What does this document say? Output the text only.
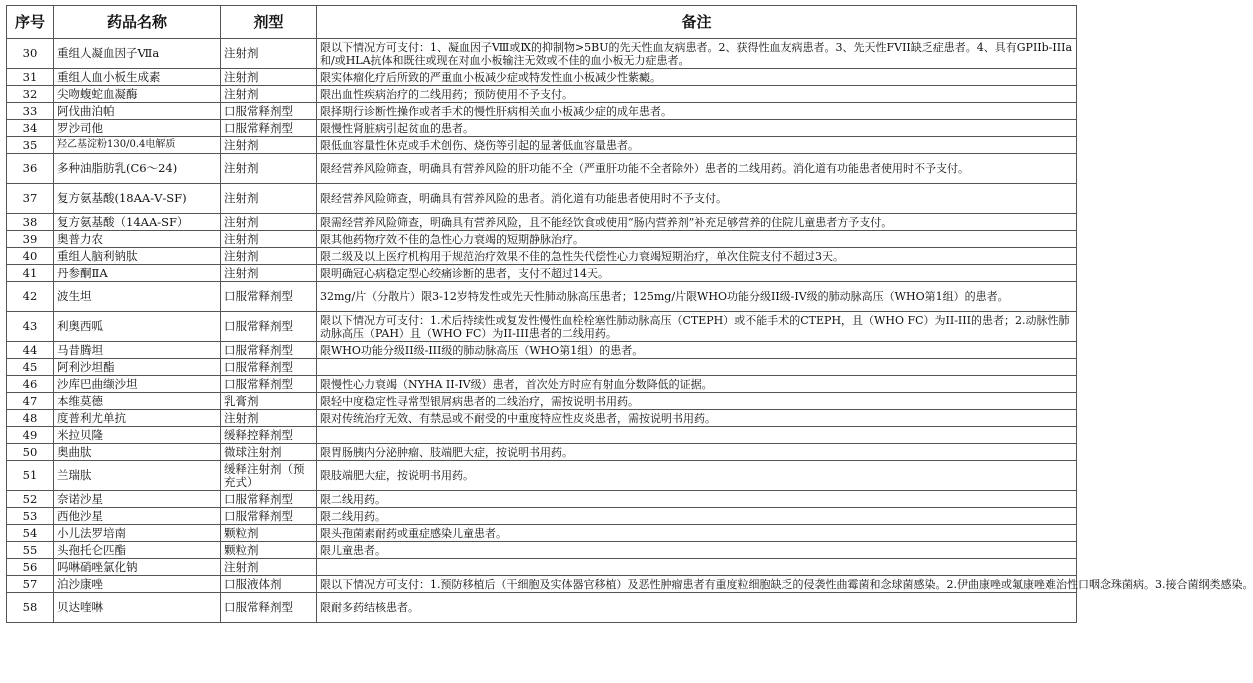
序号	药品名称	剂型	备注
30	重组人凝血因子Ⅶa	注射剂	限以下情况方可支付：1、凝血因子Ⅷ或Ⅸ的抑制物>5BU的先天性血友病患者。2、获得性血友病患者。3、先天性FVII缺乏症患者。4、具有GPIIb-IIIa和/或HLA抗体和既往或现在对血小板输注无效或不佳的血小板无力症患者。
31	重组人血小板生成素	注射剂	限实体瘤化疗后所致的严重血小板减少症或特发性血小板减少性紫癜。
32	尖吻蝮蛇血凝酶	注射剂	限出血性疾病治疗的二线用药；预防使用不予支付。
33	阿伐曲泊帕	口服常释剂型	限择期行诊断性操作或者手术的慢性肝病相关血小板减少症的成年患者。
34	罗沙司他	口服常释剂型	限慢性肾脏病引起贫血的患者。
35	羟乙基淀粉130/0.4电解质	注射剂	限低血容量性休克或手术创伤、烧伤等引起的显著低血容量患者。
36	多种油脂肪乳(C6～24)	注射剂	限经营养风险筛查，明确具有营养风险的肝功能不全（严重肝功能不全者除外）患者的二线用药。消化道有功能患者使用时不予支付。
37	复方氨基酸(18AA-Ⅴ-SF)	注射剂	限经营养风险筛查，明确具有营养风险的患者。消化道有功能患者使用时不予支付。
38	复方氨基酸（14AA-SF）	注射剂	限需经营养风险筛查，明确具有营养风险，且不能经饮食或使用“肠内营养剂”补充足够营养的住院儿童患者方予支付。
39	奥普力农	注射剂	限其他药物疗效不佳的急性心力衰竭的短期静脉治疗。
40	重组人脑利钠肽	注射剂	限二级及以上医疗机构用于规范治疗效果不佳的急性失代偿性心力衰竭短期治疗，单次住院支付不超过3天。
41	丹参酮ⅡA	注射剂	限明确冠心病稳定型心绞痛诊断的患者，支付不超过14天。
42	波生坦	口服常释剂型	32mg/片（分散片）限3-12岁特发性或先天性肺动脉高压患者；125mg/片限WHO功能分级II级-IV级的肺动脉高压（WHO第1组）的患者。
43	利奥西呱	口服常释剂型	限以下情况方可支付：1.术后持续性或复发性慢性血栓栓塞性肺动脉高压（CTEPH）或不能手术的CTEPH，且（WHO FC）为II-III的患者；2.动脉性肺动脉高压（PAH）且（WHO FC）为II-III患者的二线用药。
44	马昔腾坦	口服常释剂型	限WHO功能分级II级-III级的肺动脉高压（WHO第1组）的患者。
45	阿利沙坦酯	口服常释剂型	
46	沙库巴曲缬沙坦	口服常释剂型	限慢性心力衰竭（NYHA II-IV级）患者，首次处方时应有射血分数降低的证据。
47	本维莫德	乳膏剂	限轻中度稳定性寻常型银屑病患者的二线治疗，需按说明书用药。
48	度普利尤单抗	注射剂	限对传统治疗无效、有禁忌或不耐受的中重度特应性皮炎患者，需按说明书用药。
49	米拉贝隆	缓释控释剂型	
50	奥曲肽	微球注射剂	限胃肠胰内分泌肿瘤、肢端肥大症，按说明书用药。
51	兰瑞肽	缓释注射剂（预充式）	限肢端肥大症，按说明书用药。
52	奈诺沙星	口服常释剂型	限二线用药。
53	西他沙星	口服常释剂型	限二线用药。
54	小儿法罗培南	颗粒剂	限头孢菌素耐药或重症感染儿童患者。
55	头孢托仑匹酯	颗粒剂	限儿童患者。
56	吗啉硝唑氯化钠	注射剂	
57	泊沙康唑	口服液体剂	限以下情况方可支付：1.预防移植后（干细胞及实体器官移植）及恶性肿瘤患者有重度粒细胞缺乏的侵袭性曲霉菌和念球菌感染。2.伊曲康唑或氟康唑难治性口咽念珠菌病。3.接合菌纲类感染。
58	贝达喹啉	口服常释剂型	限耐多药结核患者。
